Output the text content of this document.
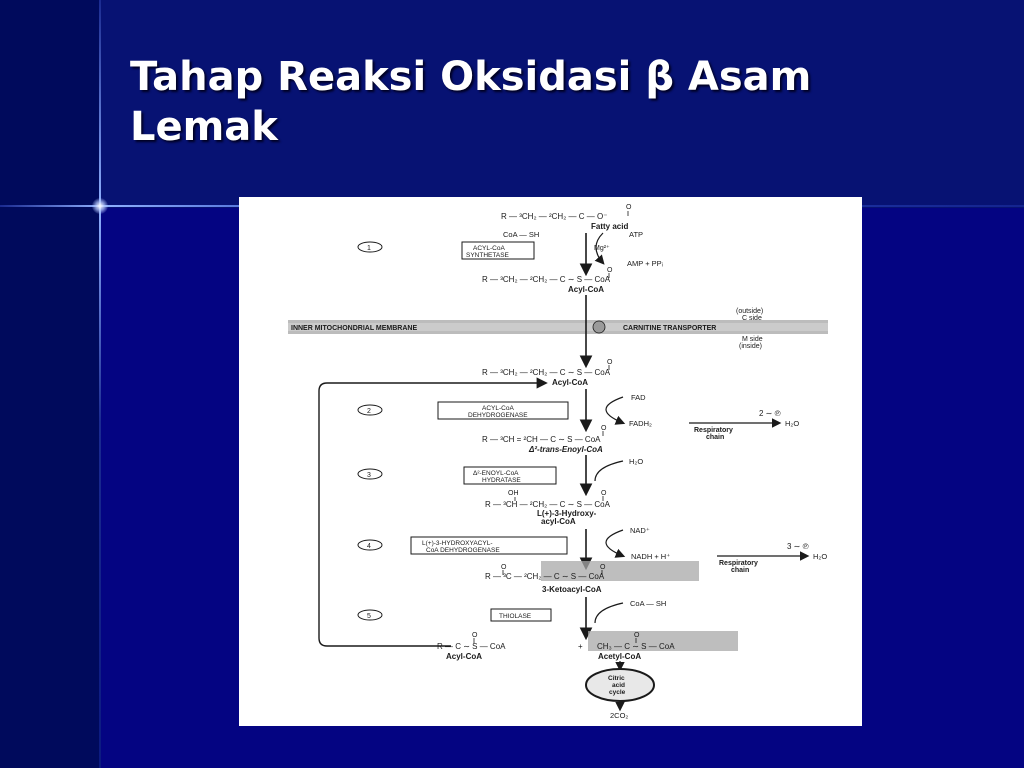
Tahap Reaksi Oksidasi β Asam Lemak
O
R — ³CH₂ — ²CH₂ — C — O⁻
Fatty acid
1
CoA — SH	ATP
ACYL-CoA
SYNTHETASE
Mg²⁺
AMP + PPᵢ
O
R — ³CH₂ — ²CH₂ — C ∼ S — CoA
Acyl-CoA
INNER MITOCHONDRIAL MEMBRANE	CARNITINE TRANSPORTER
(outside)
C side
M side
(inside)
O
R — ³CH₂ — ²CH₂ — C ∼ S — CoA
Acyl-CoA
2	ACYL-CoA
DEHYDROGENASE
FAD
FADH₂
Respiratory
chain
2 ∼ ℗
H₂O
O
R — ³CH = ²CH — C ∼ S — CoA
Δ²-trans-Enoyl-CoA
3	Δ²-ENOYL-CoA
HYDRATASE
H₂O
OH	O
R — ³CH — ²CH₂ — C ∼ S — CoA
L(+)-3-Hydroxy-
acyl-CoA
4	L(+)-3-HYDROXYACYL-
CoA DEHYDROGENASE
NAD⁺
NADH + H⁺
Respiratory
chain
3 ∼ ℗
H₂O
O	O
R — ³C — ²CH₂ — C ∼ S — CoA
3-Ketoacyl-CoA
5	THIOLASE
CoA — SH
O
R — C ∼ S — CoA
Acyl-CoA
+
O
CH₃ — C ∼ S — CoA
Acetyl-CoA
Citric
acid
cycle
2CO₂
